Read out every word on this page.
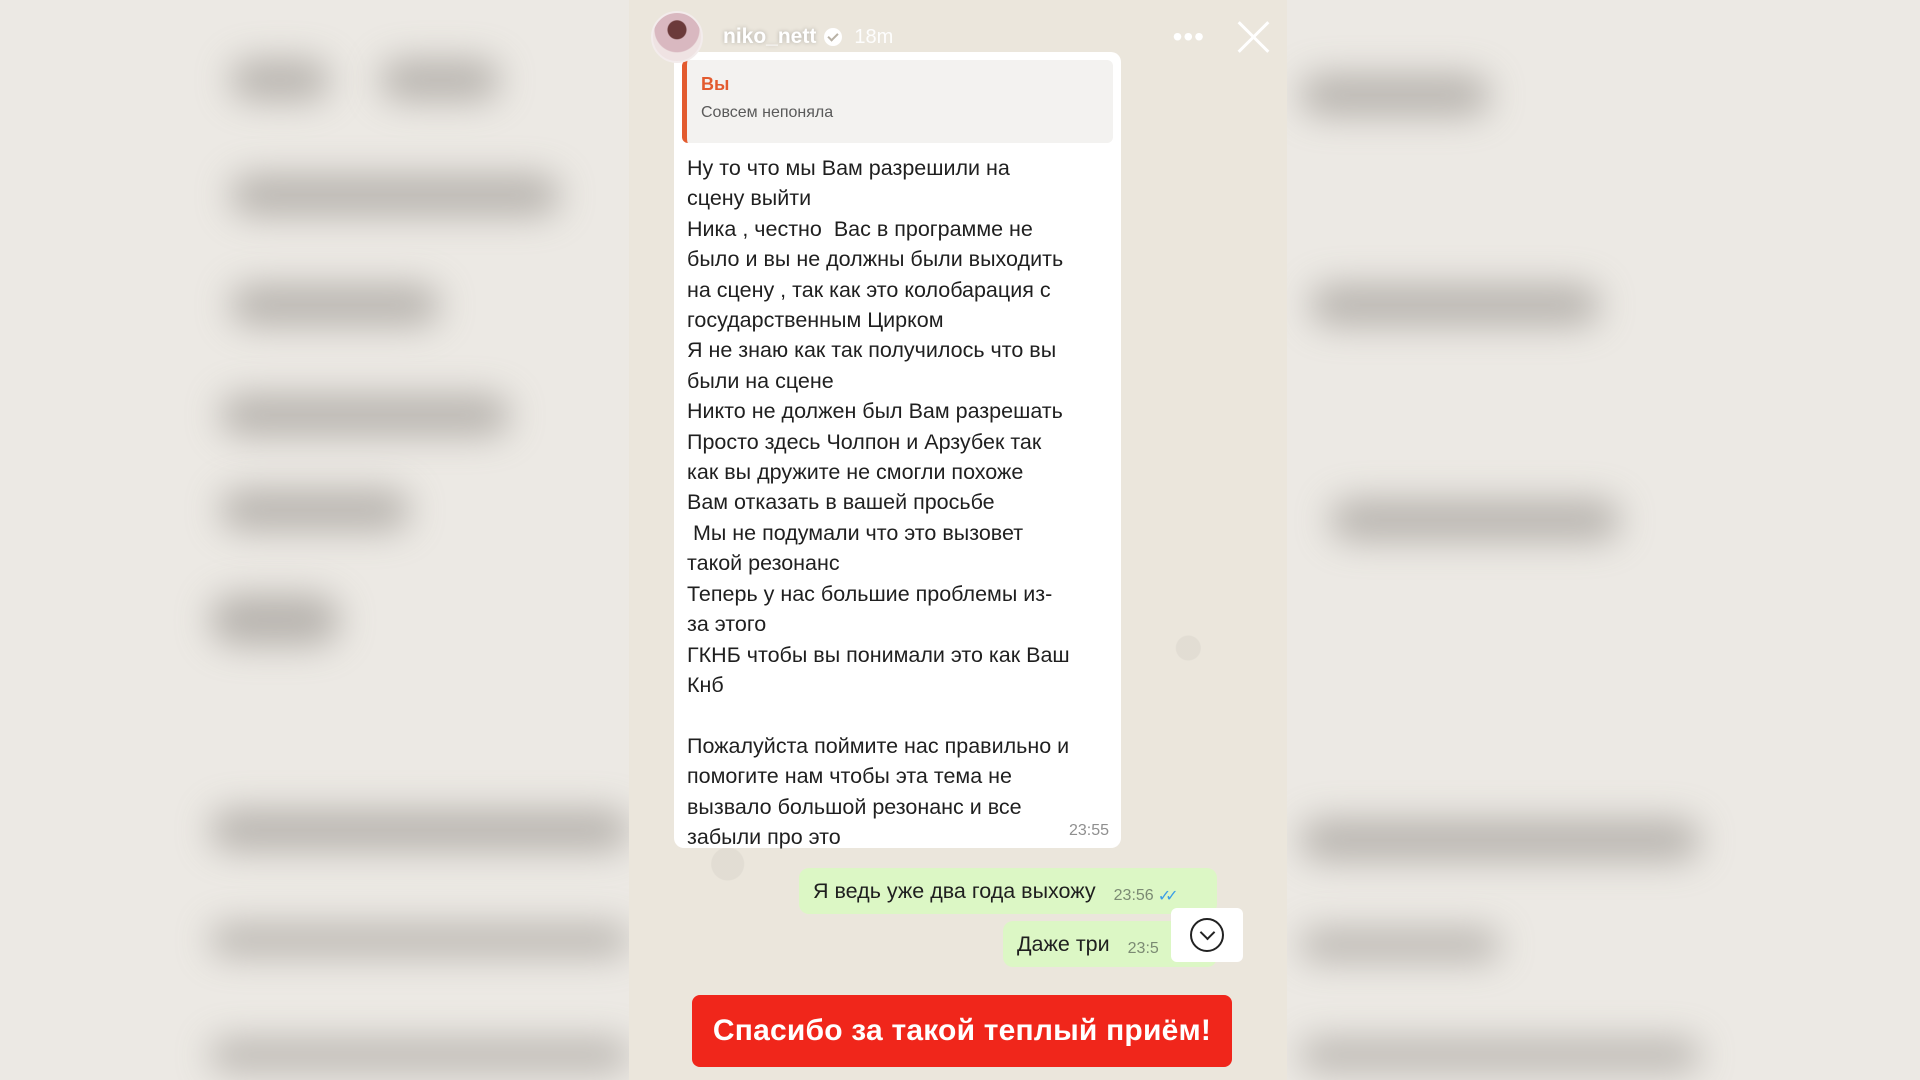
Вы
Совсем непоняла

Ну то что мы Вам разрешили на

сцену выйти

Ника , честно  Вас в программе не

было и вы не должны были выходить

на сцену , так как это колобарация с

государственным Цирком

Я не знаю как так получилось что вы

были на сцене

Никто не должен был Вам разрешать

Просто здесь Чолпон и Арзубек так

как вы дружите не смогли похоже

Вам отказать в вашей просьбе

Мы не подумали что это вызовет

такой резонанс

Теперь у нас большие проблемы из-

за этого

ГКНБ чтобы вы понимали это как Ваш

Кнб

Пожалуйста поймите нас правильно и

помогите нам чтобы эта тема не

вызвало большой резонанс и все

забыли про это	23:55
Я ведь уже два года выхожу 23:56 ✓✓
Даже три 23:5
niko_nett 18m	•••
Спасибо за такой теплый приём!
